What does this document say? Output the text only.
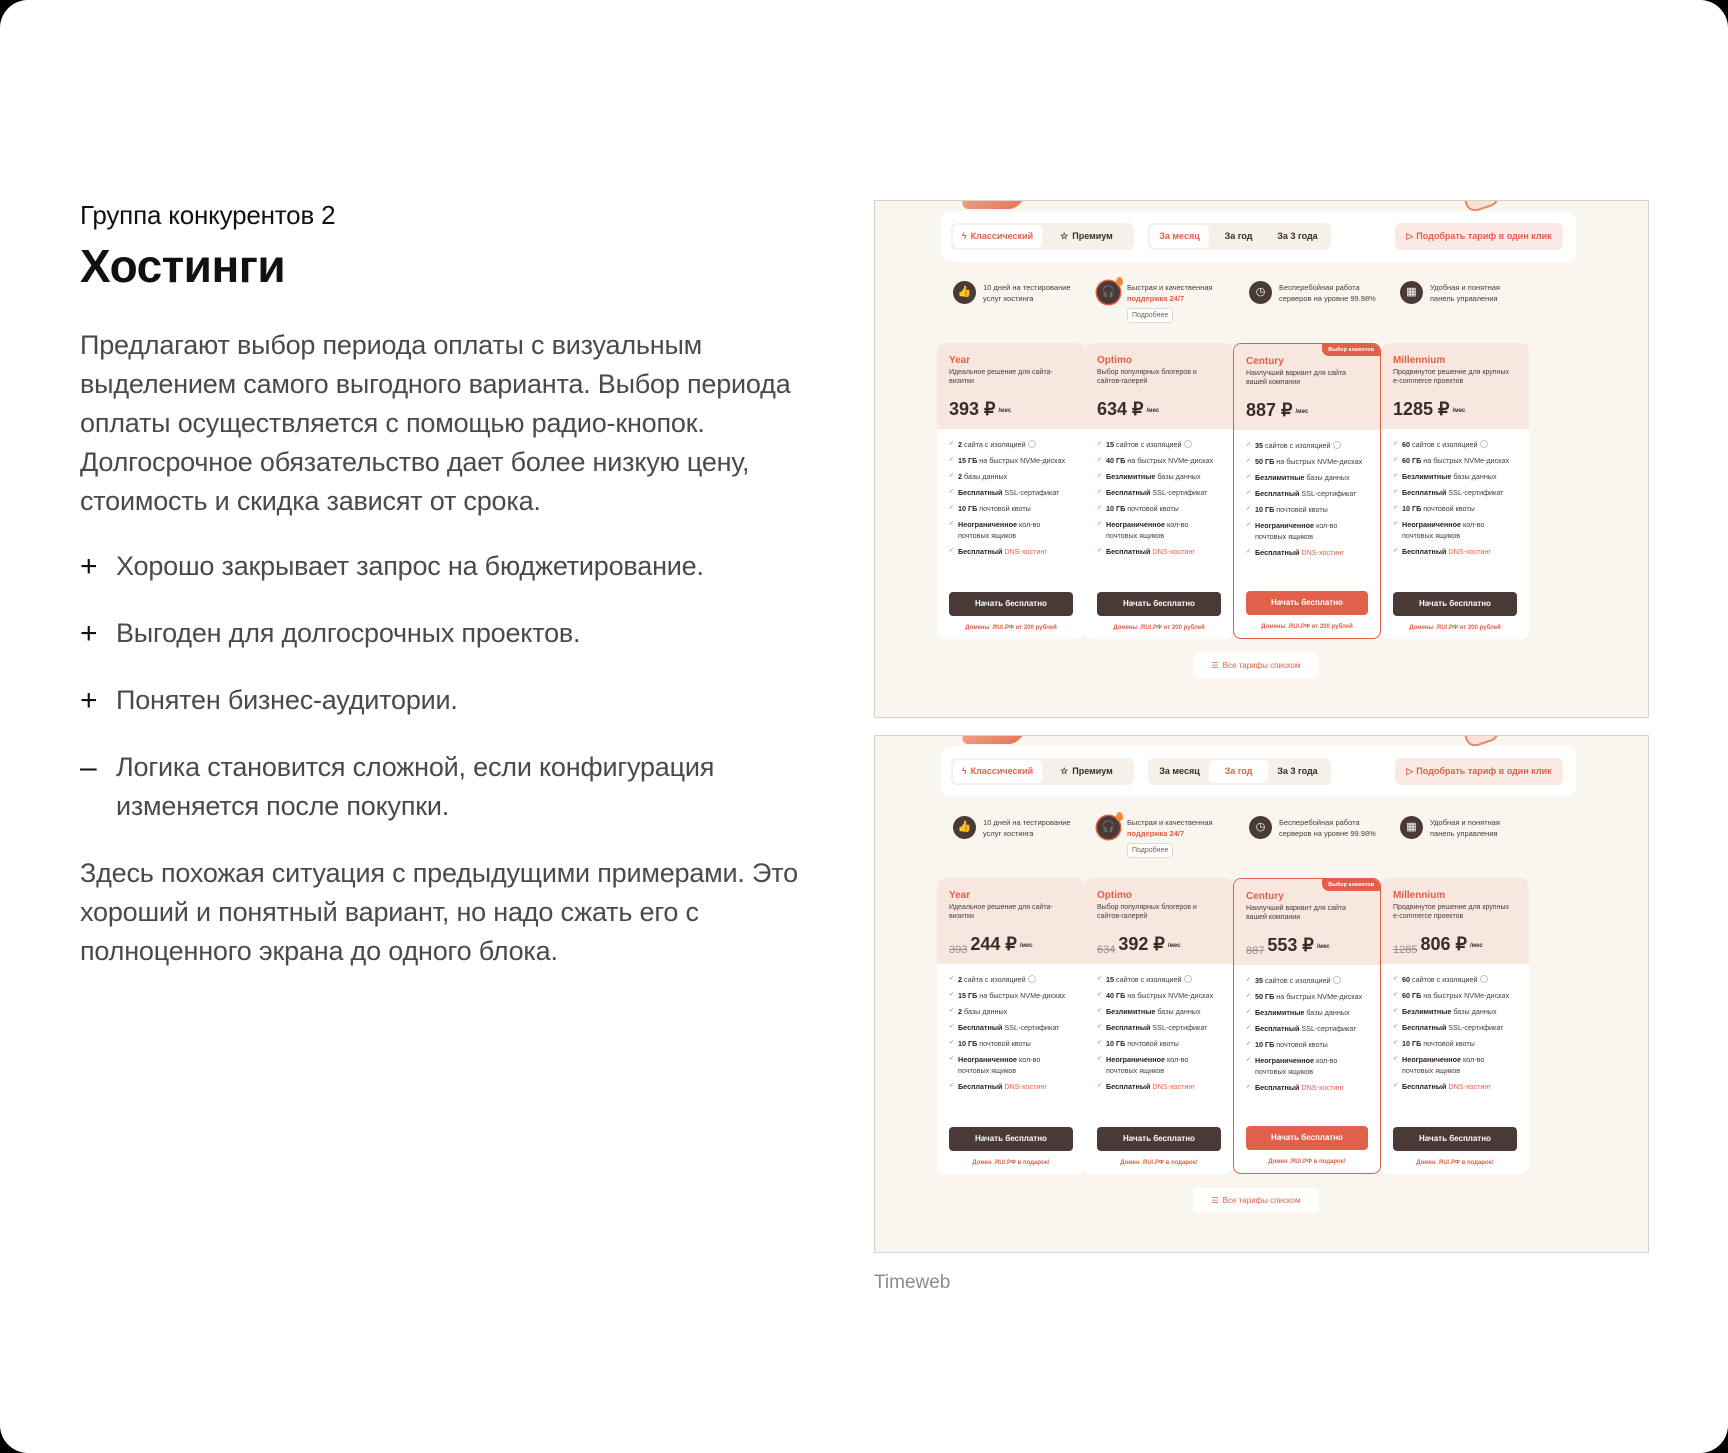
Группа конкурентов 2
Хостинги

Предлагают выбор периода оплаты с визуальным выделением самого выгодного варианта. Выбор периода оплаты осуществляется с помощью радио-кнопок. Долгосрочное обязательство дает более низкую цену, стоимость и скидка зависят от срока.

+ Хорошо закрывает запрос на бюджетирование.
+ Выгоден для долгосрочных проектов.
+ Понятен бизнес-аудитории.
– Логика становится сложной, если конфигурация изменяется после покупки.

Здесь похожая ситуация с предыдущими примерами. Это хороший и понятный вариант, но надо сжать его с полноценного экрана до одного блока.

ϟ Классический	☆ Премиум	За месяц	За год	За 3 года	▷ Подобрать тариф в один клик
👍	10 дней на тестирование
услуг хостинга
🎧	Быстрая и качественная

поддержка 24/7
Подробнее
◷	Бесперебойная работа
серверов на уровне 99.98%
▦	Удобная и понятная
панель управления
Year
Идеальное решение для сайта-визитки
393 ₽ /мес
✓ 2 сайта с изоляцией
✓ 15 ГБ на быстрых NVMe-дисках
✓ 2 базы данных
✓ Бесплатный SSL-сертификат
✓ 10 ГБ почтовой квоты
✓ Неограниченное кол-во почтовых ящиков
✓ Бесплатный DNS-хостинг
Начать бесплатно
Домены .RU/.РФ от 200 рублей
Optimo
Выбор популярных блогеров и сайтов-галерей
634 ₽ /мес
✓ 15 сайтов с изоляцией
✓ 40 ГБ на быстрых NVMe-дисках
✓ Безлимитные базы данных
✓ Бесплатный SSL-сертификат
✓ 10 ГБ почтовой квоты
✓ Неограниченное кол-во почтовых ящиков
✓ Бесплатный DNS-хостинг
Начать бесплатно
Домены .RU/.РФ от 200 рублей
Выбор клиентов
Century
Наилучший вариант для сайта вашей компании
887 ₽ /мес
✓ 35 сайтов с изоляцией
✓ 50 ГБ на быстрых NVMe-дисках
✓ Безлимитные базы данных
✓ Бесплатный SSL-сертификат
✓ 10 ГБ почтовой квоты
✓ Неограниченное кол-во почтовых ящиков
✓ Бесплатный DNS-хостинг
Начать бесплатно
Домены .RU/.РФ от 200 рублей
Millennium
Продвинутое решение для крупных e-commerce проектов
1285 ₽ /мес
✓ 60 сайтов с изоляцией
✓ 60 ГБ на быстрых NVMe-дисках
✓ Безлимитные базы данных
✓ Бесплатный SSL-сертификат
✓ 10 ГБ почтовой квоты
✓ Неограниченное кол-во почтовых ящиков
✓ Бесплатный DNS-хостинг
Начать бесплатно
Домены .RU/.РФ от 200 рублей
☰ Все тарифы списком
ϟ Классический	☆ Премиум	За месяц	За год	За 3 года	▷ Подобрать тариф в один клик
👍	10 дней на тестирование
услуг хостинга
🎧	Быстрая и качественная

поддержка 24/7
Подробнее
◷	Бесперебойная работа
серверов на уровне 99.98%
▦	Удобная и понятная
панель управления
Year
Идеальное решение для сайта-визитки
393 244 ₽ /мес
✓ 2 сайта с изоляцией
✓ 15 ГБ на быстрых NVMe-дисках
✓ 2 базы данных
✓ Бесплатный SSL-сертификат
✓ 10 ГБ почтовой квоты
✓ Неограниченное кол-во почтовых ящиков
✓ Бесплатный DNS-хостинг
Начать бесплатно
Домен .RU/.РФ в подарок!
Optimo
Выбор популярных блогеров и сайтов-галерей
634 392 ₽ /мес
✓ 15 сайтов с изоляцией
✓ 40 ГБ на быстрых NVMe-дисках
✓ Безлимитные базы данных
✓ Бесплатный SSL-сертификат
✓ 10 ГБ почтовой квоты
✓ Неограниченное кол-во почтовых ящиков
✓ Бесплатный DNS-хостинг
Начать бесплатно
Домен .RU/.РФ в подарок!
Выбор клиентов
Century
Наилучший вариант для сайта вашей компании
887 553 ₽ /мес
✓ 35 сайтов с изоляцией
✓ 50 ГБ на быстрых NVMe-дисках
✓ Безлимитные базы данных
✓ Бесплатный SSL-сертификат
✓ 10 ГБ почтовой квоты
✓ Неограниченное кол-во почтовых ящиков
✓ Бесплатный DNS-хостинг
Начать бесплатно
Домен .RU/.РФ в подарок!
Millennium
Продвинутое решение для крупных e-commerce проектов
1285 806 ₽ /мес
✓ 60 сайтов с изоляцией
✓ 60 ГБ на быстрых NVMe-дисках
✓ Безлимитные базы данных
✓ Бесплатный SSL-сертификат
✓ 10 ГБ почтовой квоты
✓ Неограниченное кол-во почтовых ящиков
✓ Бесплатный DNS-хостинг
Начать бесплатно
Домен .RU/.РФ в подарок!
☰ Все тарифы списком
Timeweb
